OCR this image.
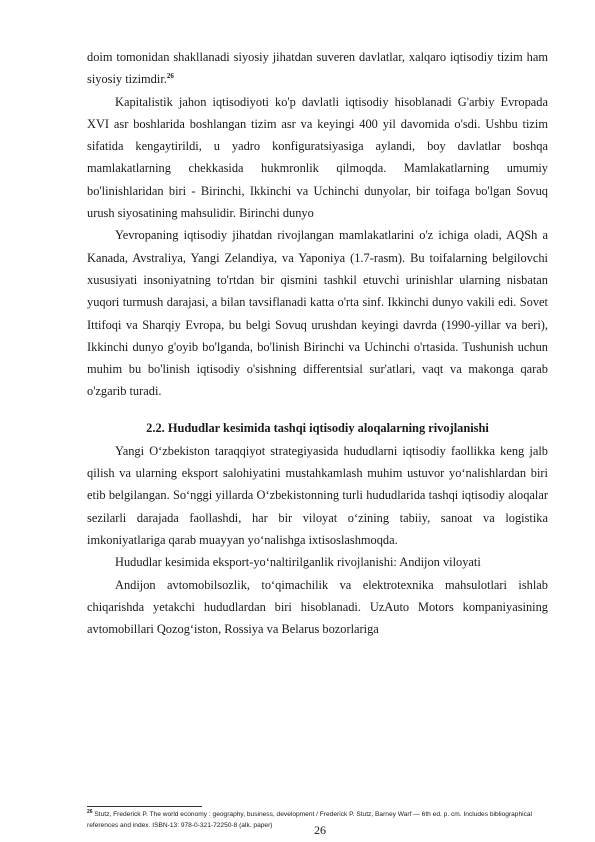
doim tomonidan shakllanadi siyosiy jihatdan suveren davlatlar, xalqaro iqtisodiy tizim ham siyosiy tizimdir.$^{26}$

Kapitalistik jahon iqtisodiyoti ko'p davlatli iqtisodiy hisoblanadi G'arbiy Evropada XVI asr boshlarida boshlangan tizim asr va keyingi 400 yil davomida o'sdi. Ushbu tizim sifatida kengaytirildi, u yadro konfiguratsiyasiga aylandi, boy davlatlar boshqa mamlakatlarning chekkasida hukmronlik qilmoqda. Mamlakatlarning umumiy bo'linishlaridan biri - Birinchi, Ikkinchi va Uchinchi dunyolar, bir toifaga bo'lgan Sovuq urush siyosatining mahsulidir. Birinchi dunyo

Yevropaning iqtisodiy jihatdan rivojlangan mamlakatlarini o'z ichiga oladi, AQSh a Kanada, Avstraliya, Yangi Zelandiya, va Yaponiya (1.7-rasm). Bu toifalarning belgilovchi xususiyati insoniyatning to'rtdan bir qismini tashkil etuvchi urinishlar ularning nisbatan yuqori turmush darajasi, a bilan tavsiflanadi katta o'rta sinf. Ikkinchi dunyo vakili edi. Sovet Ittifoqi va Sharqiy Evropa, bu belgi Sovuq urushdan keyingi davrda (1990-yillar va beri), Ikkinchi dunyo g'oyib bo'lganda, bo'linish Birinchi va Uchinchi o'rtasida. Tushunish uchun muhim bu bo'linish iqtisodiy o'sishning differentsial sur'atlari, vaqt va makonga qarab o'zgarib turadi.

2.2. Hududlar kesimida tashqi iqtisodiy aloqalarning rivojlanishi

Yangi O‘zbekiston taraqqiyot strategiyasida hududlarni iqtisodiy faollikka keng jalb qilish va ularning eksport salohiyatini mustahkamlash muhim ustuvor yo‘nalishlardan biri etib belgilangan. So‘nggi yillarda O‘zbekistonning turli hududlarida tashqi iqtisodiy aloqalar sezilarli darajada faollashdi, har bir viloyat o‘zining tabiiy, sanoat va logistika imkoniyatlariga qarab muayyan yo‘nalishga ixtisoslashmoqda.

Hududlar kesimida eksport-yo‘naltirilganlik rivojlanishi: Andijon viloyati

Andijon avtomobilsozlik, to‘qimachilik va elektrotexnika mahsulotlari ishlab chiqarishda yetakchi hududlardan biri hisoblanadi. UzAuto Motors kompaniyasining avtomobillari Qozog‘iston, Rossiya va Belarus bozorlariga

$^{26}$ Stutz, Frederick P. The world economy : geography, business, development / Frederick P. Stutz, Barney Warf — 6th ed. p. cm. Includes bibliographical references and index. ISBN-13: 978-0-321-72250-8 (alk. paper)	26
